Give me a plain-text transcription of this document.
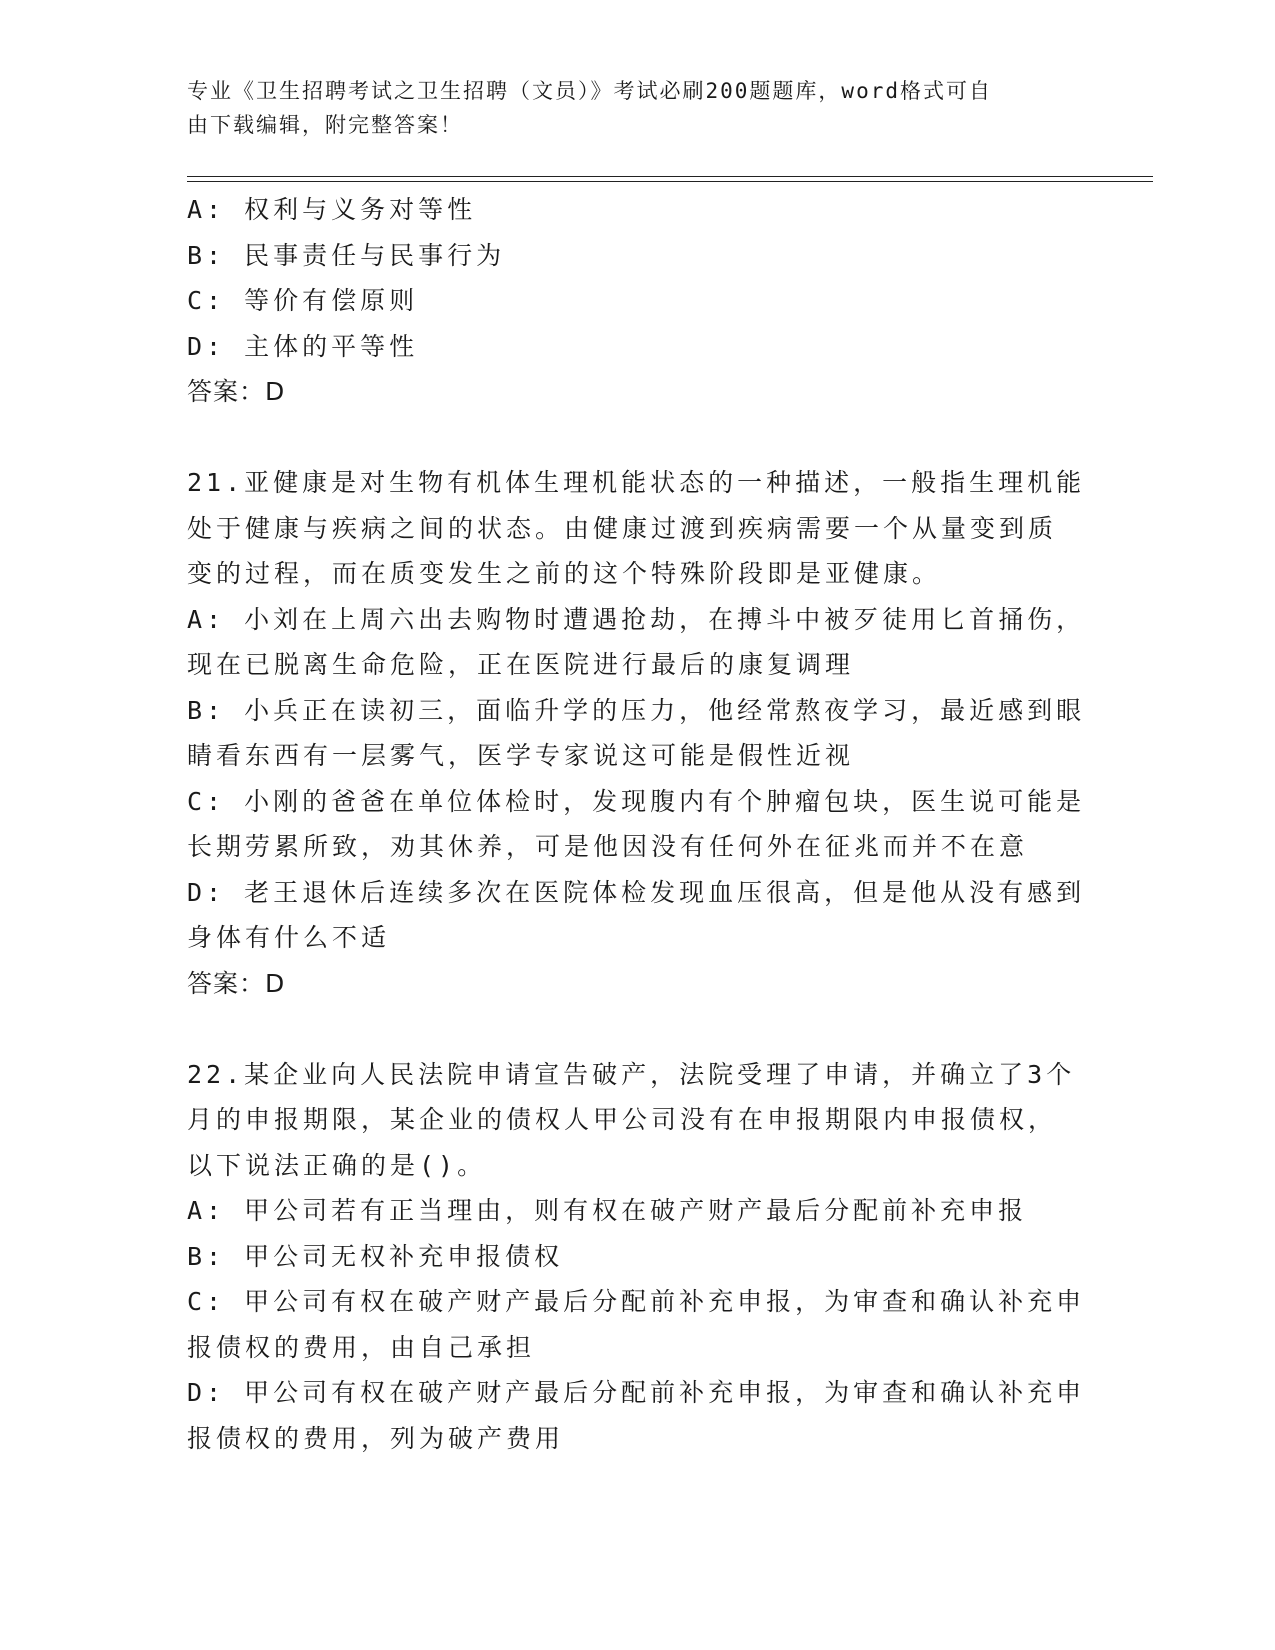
专业《卫生招聘考试之卫生招聘（文员）》考试必刷200题题库，word格式可自
由下载编辑，附完整答案！
A: 权利与义务对等性
B: 民事责任与民事行为
C: 等价有偿原则
D: 主体的平等性
答案：D
21.亚健康是对生物有机体生理机能状态的一种描述，一般指生理机能
处于健康与疾病之间的状态。由健康过渡到疾病需要一个从量变到质
变的过程，而在质变发生之前的这个特殊阶段即是亚健康。
A: 小刘在上周六出去购物时遭遇抢劫，在搏斗中被歹徒用匕首捅伤，
现在已脱离生命危险，正在医院进行最后的康复调理
B: 小兵正在读初三，面临升学的压力，他经常熬夜学习，最近感到眼
睛看东西有一层雾气，医学专家说这可能是假性近视
C: 小刚的爸爸在单位体检时，发现腹内有个肿瘤包块，医生说可能是
长期劳累所致，劝其休养，可是他因没有任何外在征兆而并不在意
D: 老王退休后连续多次在医院体检发现血压很高，但是他从没有感到
身体有什么不适
答案：D
22.某企业向人民法院申请宣告破产，法院受理了申请，并确立了3个
月的申报期限，某企业的债权人甲公司没有在申报期限内申报债权，
以下说法正确的是()。
A: 甲公司若有正当理由，则有权在破产财产最后分配前补充申报
B: 甲公司无权补充申报债权
C: 甲公司有权在破产财产最后分配前补充申报，为审查和确认补充申
报债权的费用，由自己承担
D: 甲公司有权在破产财产最后分配前补充申报，为审查和确认补充申
报债权的费用，列为破产费用
